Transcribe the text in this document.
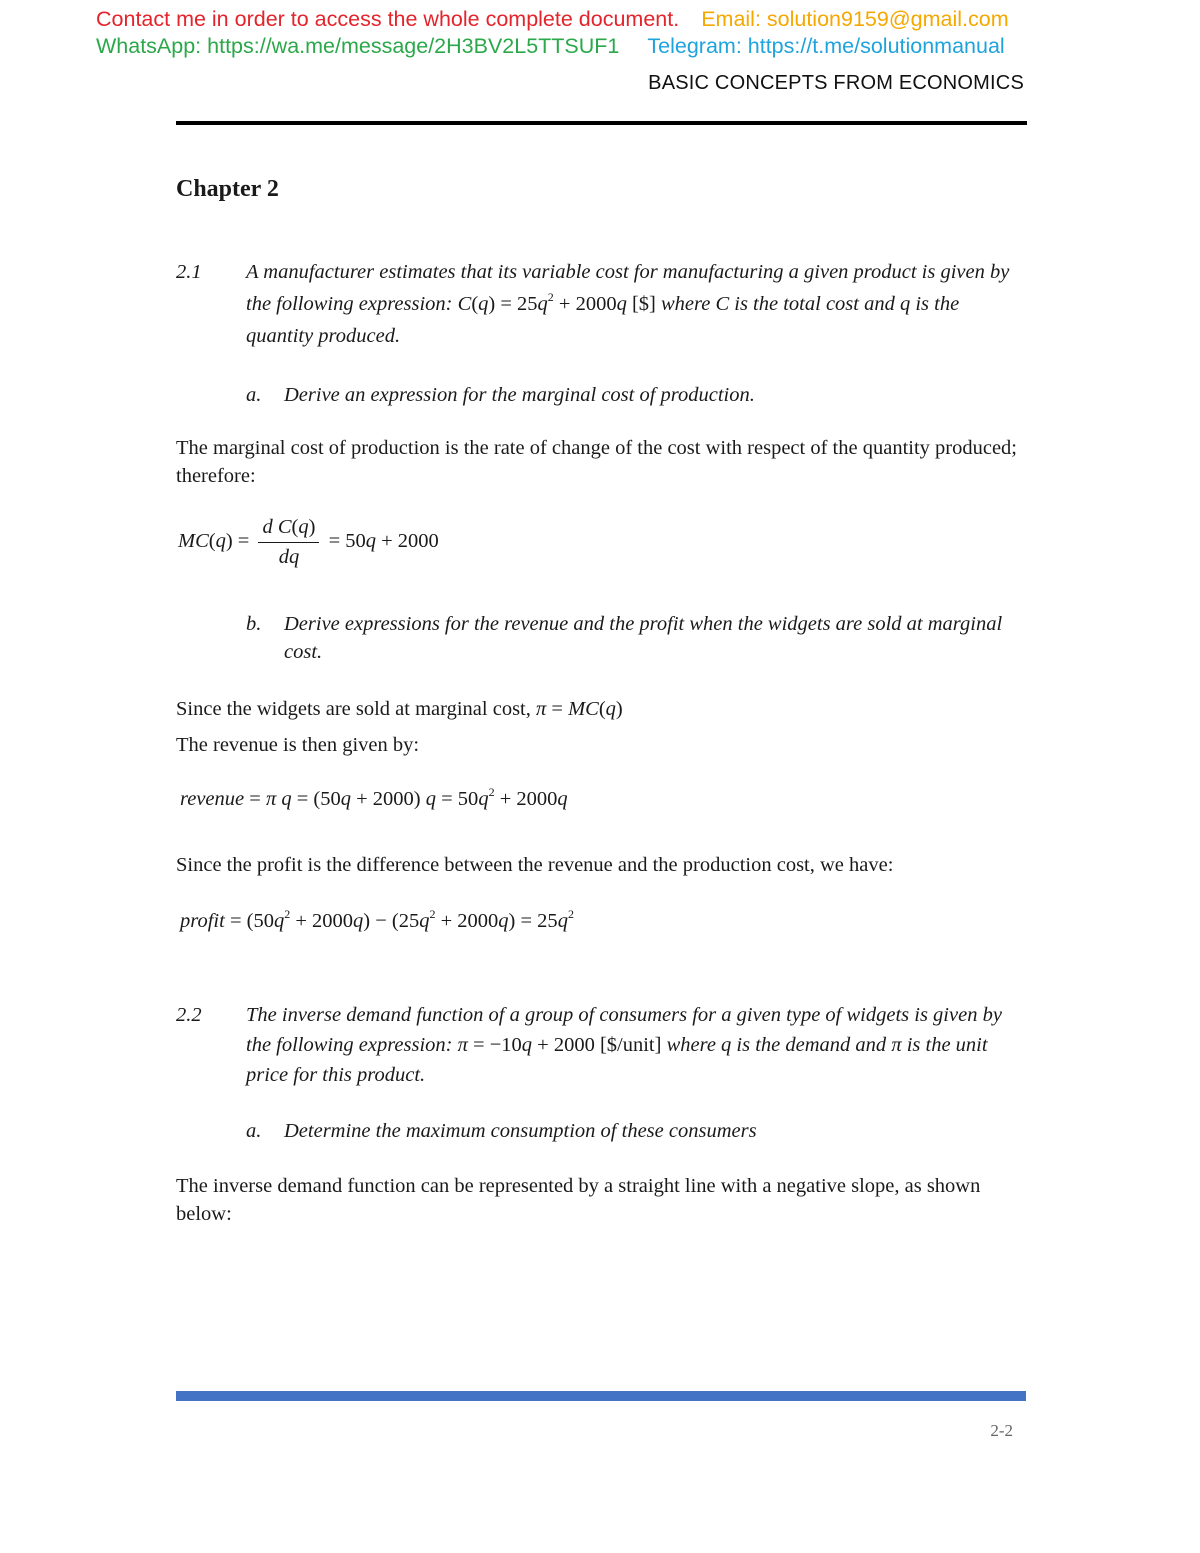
Contact me in order to access the whole complete document. Email: solution9159@gmail.com
WhatsApp: https://wa.me/message/2H3BV2L5TTSUF1 Telegram: https://t.me/solutionmanual
BASIC CONCEPTS FROM ECONOMICS
Chapter 2
2.1 A manufacturer estimates that its variable cost for manufacturing a given product is given by the following expression: $C(q) = 25q^2 + 2000q$ [$] where C is the total cost and q is the quantity produced.
a. Derive an expression for the marginal cost of production.
The marginal cost of production is the rate of change of the cost with respect of the quantity produced; therefore:
$MC(q) = \frac{\text{d C(q)}}{dq} = 50q + 2000$
b. Derive expressions for the revenue and the profit when the widgets are sold at marginal cost.
Since the widgets are sold at marginal cost, π = MC(q)
The revenue is then given by:
revenue = π q = (50q + 2000) $q = 50q^2 + 2000q$
Since the profit is the difference between the revenue and the production cost, we have:
profit = $(50q^2 + 2000q) - (25q^2 + 2000q) = 25q^2$
2.2 The inverse demand function of a group of consumers for a given type of widgets is given by the following expression: π = −10q + 2000 [$/unit] where q is the demand and π is the unit price for this product.
a. Determine the maximum consumption of these consumers
The inverse demand function can be represented by a straight line with a negative slope, as shown below:
2-2
